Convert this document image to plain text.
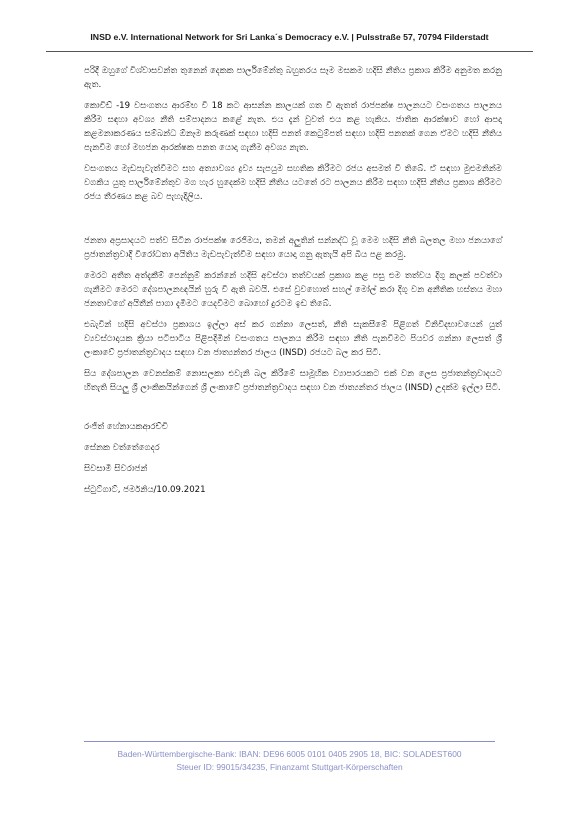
INSD e.V. International Network for Sri Lanka´s Democracy e.V. | Pulsstraße 57, 70794 Filderstadt

පරිදී ඔහුගේ විශ්වාසවන්ත තුනෙන් දෙකක පාර්ලිමේන්තු බහුතරය සෑම මසකම හදිසි නීතිය ප්‍රකාශ කිරීම අනුමත කරනු ඇත.

කොවිඩ් -19 වසංගතය ආරම්භ වී 18 කට ආසන්න කාලයක් ගත වී ඇතත් රාජපක්ෂ පාලනයට වසංගතය පාලනය කිරීම සඳහා අවශ්‍ය නීති සම්පාදනය කළේ නැත. එය දැන් වුවත් එය කළ හැකිය. ජාතික ආරක්ෂාව හෝ ආපදා කළමනාකරණය සම්බන්ධ ඕනෑම කරුණක් සඳහා හදිසි පනත් කෙටුම්පත් සඳහා හදිසි පනතක් ගෙන ඒමට හදිසි නීතිය පැනවීම හෝ මහජන ආරක්ෂක පනත යොදා ගැනීම අවශ්‍ය නැත.

වසංගතය මැඩපැවැත්වීමට සහ අත්‍යාවශ්‍ය ද්‍රව්‍ය සැපයුම සහතික කිරීමට රජය අසමත් වී තිබේ. ඒ සඳහා මුළුමනින්ම වගකිය යුතු පාර්ලිමේන්තුව මග හැර හුදෙක්ම හදිසි නීතිය යටතේ රට පාලනය කිරීම සඳහා හදිසි නීතිය ප්‍රකාශ කිරීමට රජය තීරණය කළ බව පැහැදිලිය.

ජනතා අප්‍රසාදයට පත්ව සිටින රාජපක්ෂ රෙජිමය, තමන් අලුතින් සන්නද්ධ වූ මෙම හදිසි නීති බලතල මහා ජනයාගේ ප්‍රජාතන්ත්‍රවාදී විරෝධතා අයිතිය මැඩපැවැත්වීම සඳහා යොදා ගනු ඇතැයි අපි බිය පළ කරමු.

මෙරට අතීත අත්දැකීම් පෙන්නුම් කරන්නේ හදිසි අවස්ථා තත්වයක් ප්‍රකාශ කළ පසු එම තත්වය දිගු කලක් පවත්වා ගැනීමට මෙරට දේශපාලනඥයින් හුරු වී ඇති බවයි. එසේ වුවහොත් සහල් මෝල් කරා දිගු වන අනීතික හස්තය මහා ජනතාවගේ අයිතීන් පාගා දැමීමට යෙදවීමට බොහෝ දුරටම ඉඩ තිබේ.

එබැවින් හදිසි අවස්ථා ප්‍රකාශය ඉල්ලා අස් කර ගන්නා ලෙසත්, නීති සැකසීමේ පිළිගත් විනිවිදභාවයෙන් යුත් ව්‍යවස්ථාදායක ක්‍රියා පටිපාටිය පිළිපදිමින් වසංගතය පාලනය කිරීම සඳහා නීති පැනවීමට පියවර ගන්නා ලෙසත් ශ්‍රී ලංකාවේ ප්‍රජාතන්ත්‍රවාදය සඳහා වන ජාත්‍යන්තර ජාලය (INSD) රජයට බල කර සිටී.

සිය දේශපාලන වෙනස්කම් නොසලකා එවැනි බල කිරීමේ සාමූහික ව්‍යාපාරයකට එක් වන ලෙස ප්‍රජාතන්ත්‍රවාදයට හිතැති සියලු ශ්‍රී ලාංකිකයින්ගෙන් ශ්‍රී ලංකාවේ ප්‍රජාතන්ත්‍රවාදය සඳහා වන ජාත්‍යන්තර ජාලය (INSD) උදක්ම ඉල්ලා සිටී.

රංජිත් හේනායකආරච්චි
සේනක වත්තේගෙදර
සිවසාමි සිවරාජන්
ස්ටුට්ගාට්, ජර්මනිය/10.09.2021
Baden-Württembergische-Bank: IBAN: DE96 6005 0101 0405 2905 18, BIC: SOLADEST600
Steuer ID: 99015/34235, Finanzamt Stuttgart-Körperschaften
